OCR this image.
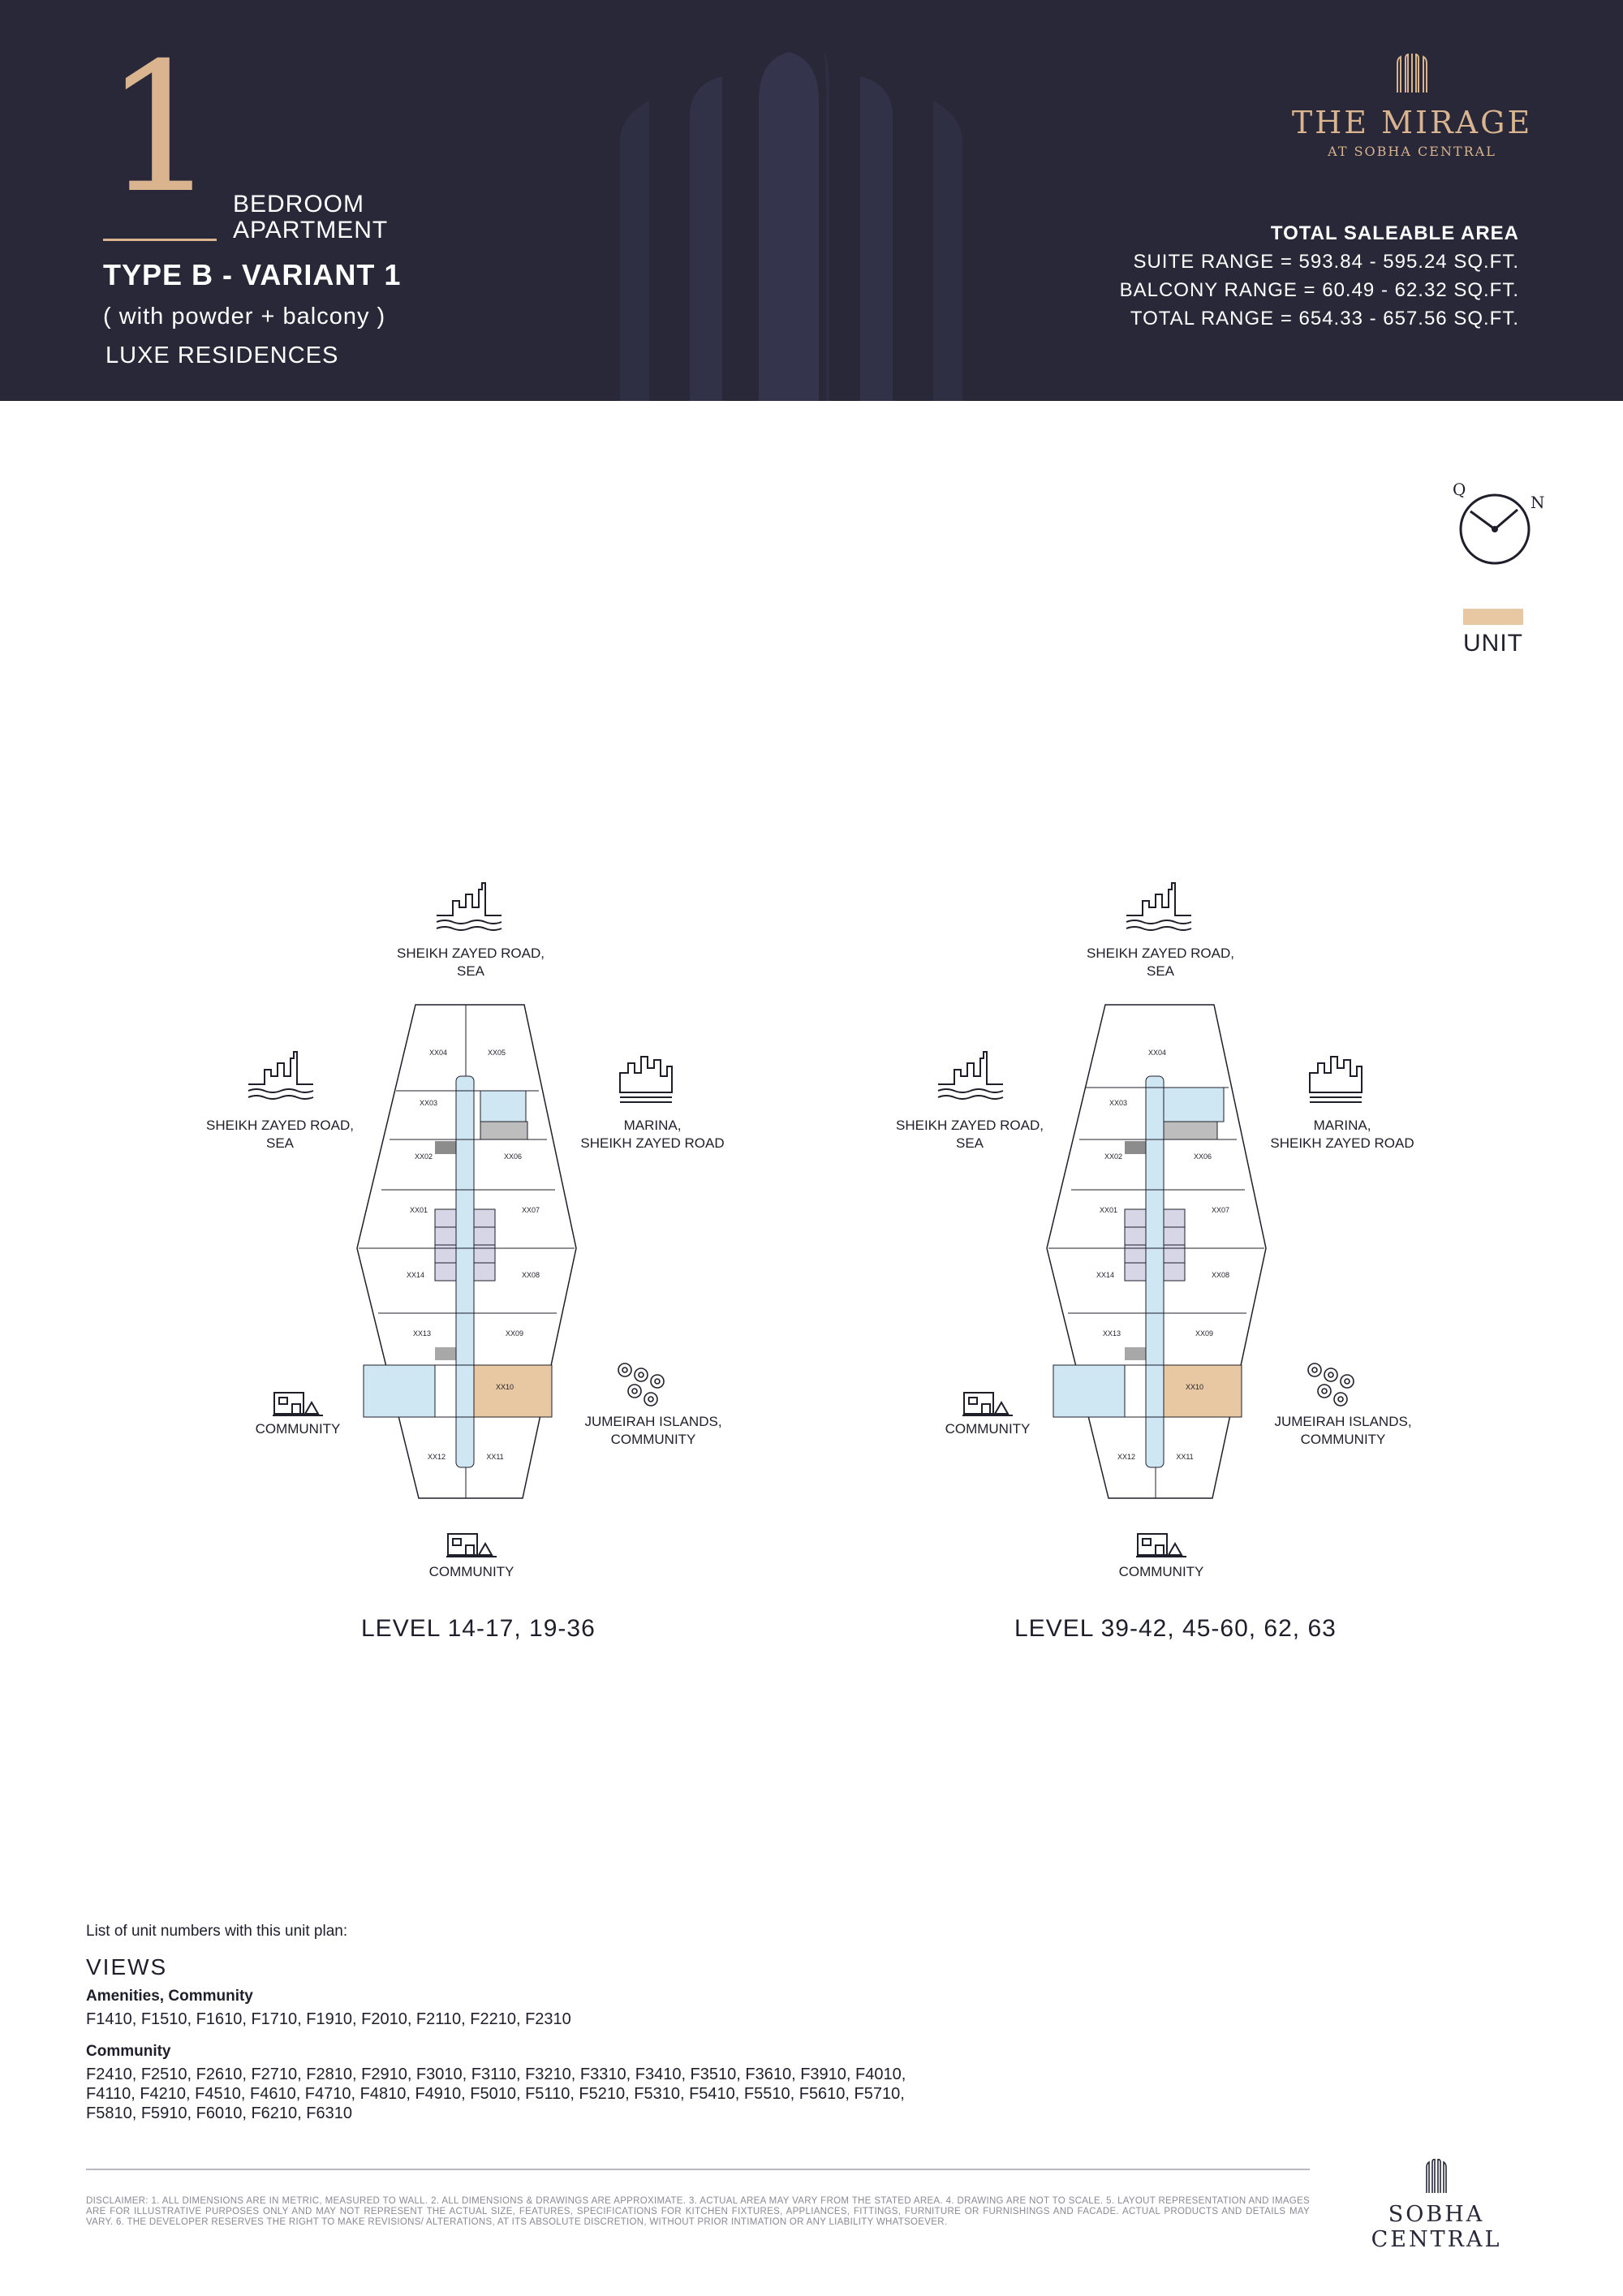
1 BEDROOM
APARTMENT
TYPE B - VARIANT 1
( with powder + balcony )
LUXE RESIDENCES
THE MIRAGE
AT SOBHA CENTRAL
TOTAL SALEABLE AREA
SUITE RANGE = 593.84 - 595.24 SQ.FT.
BALCONY RANGE = 60.49 - 62.32 SQ.FT.
TOTAL RANGE = 654.33 - 657.56 SQ.FT.
Q
N
UNIT
SHEIKH ZAYED ROAD,
SEA
SHEIKH ZAYED ROAD,
SEA
MARINA,
SHEIKH ZAYED ROAD
COMMUNITY	JUMEIRAH ISLANDS,
COMMUNITY
COMMUNITY
XX04	XX05
XX03
XX02	XX06
XX01	XX07
XX14	XX08
XX13	XX09
XX10
XX12	XX11
LEVEL 14-17, 19-36
SHEIKH ZAYED ROAD,
SEA
SHEIKH ZAYED ROAD,
SEA
MARINA,
SHEIKH ZAYED ROAD
COMMUNITY	JUMEIRAH ISLANDS,
COMMUNITY
COMMUNITY
XX04
XX03
XX02	XX06
XX01	XX07
XX14	XX08
XX13	XX09
XX10
XX12	XX11
LEVEL 39-42, 45-60, 62, 63
List of unit numbers with this unit plan:
VIEWS
Amenities, Community
F1410, F1510, F1610, F1710, F1910, F2010, F2110, F2210, F2310
Community
F2410, F2510, F2610, F2710, F2810, F2910, F3010, F3110, F3210, F3310, F3410, F3510, F3610, F3910, F4010, F4110, F4210, F4510, F4610, F4710, F4810, F4910, F5010, F5110, F5210, F5310, F5410, F5510, F5610, F5710, F5810, F5910, F6010, F6210, F6310
DISCLAIMER: 1. ALL DIMENSIONS ARE IN METRIC, MEASURED TO WALL. 2. ALL DIMENSIONS & DRAWINGS ARE APPROXIMATE. 3. ACTUAL AREA MAY VARY FROM THE STATED AREA. 4. DRAWING ARE NOT TO SCALE. 5. LAYOUT REPRESENTATION AND IMAGES ARE FOR ILLUSTRATIVE PURPOSES ONLY AND MAY NOT REPRESENT THE ACTUAL SIZE, FEATURES, SPECIFICATIONS FOR KITCHEN FIXTURES, APPLIANCES, FITTINGS, FURNITURE OR FURNISHINGS AND FACADE. ACTUAL PRODUCTS AND DETAILS MAY VARY. 6. THE DEVELOPER RESERVES THE RIGHT TO MAKE REVISIONS/ ALTERATIONS, AT ITS ABSOLUTE DISCRETION, WITHOUT PRIOR INTIMATION OR ANY LIABILITY WHATSOEVER.	SOBHA CENTRAL
